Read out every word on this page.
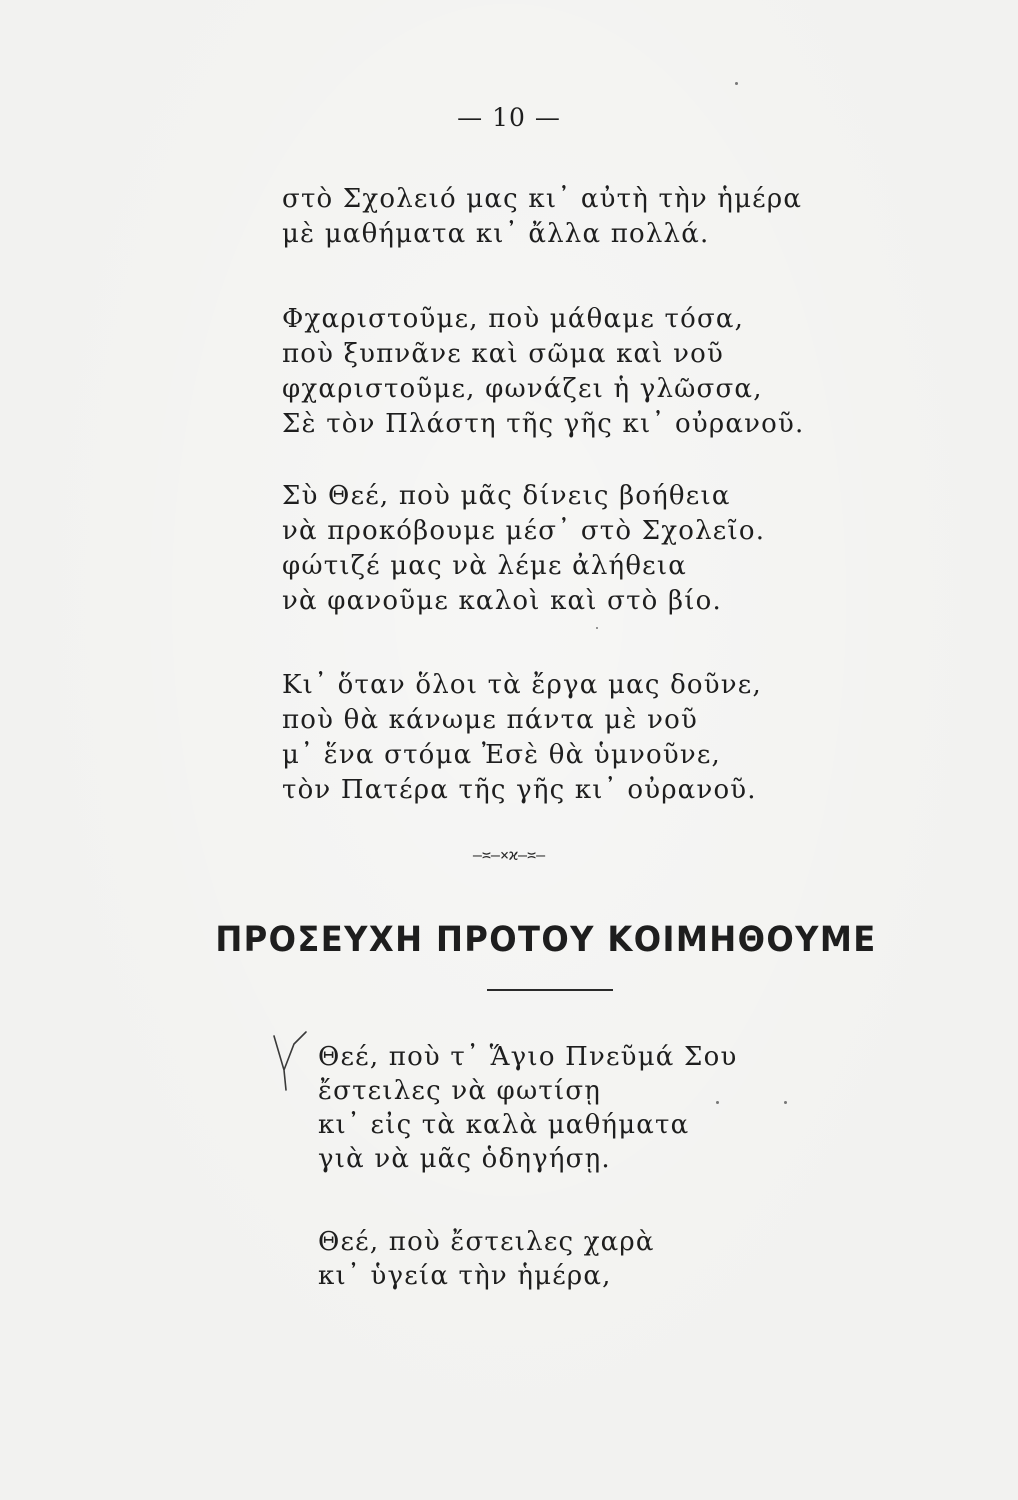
— 10 —
στὸ Σχολειό μας κι᾿ αὐτὴ τὴν ἡμέρα
μὲ μαθήματα κι᾿ ἄλλα πολλά.
Φχαριστοῦμε, ποὺ μάθαμε τόσα,
ποὺ ξυπνᾶνε καὶ σῶμα καὶ νοῦ
φχαριστοῦμε, φωνάζει ἡ γλῶσσα,
Σὲ τὸν Πλάστη τῆς γῆς κι᾿ οὐρανοῦ.
Σὺ Θεέ, ποὺ μᾶς δίνεις βοήθεια
νὰ προκόβουμε μέσ᾿ στὸ Σχολεῖο.
φώτιζέ μας νὰ λέμε ἀλήθεια
νὰ φανοῦμε καλοὶ καὶ στὸ βίο.
Κι᾿ ὅταν ὅλοι τὰ ἔργα μας δοῦνε,
ποὺ θὰ κάνωμε πάντα μὲ νοῦ
μ᾿ ἕνα στόμα Ἐσὲ θὰ ὑμνοῦνε,
τὸν Πατέρα τῆς γῆς κι᾿ οὐρανοῦ.
—≍—×ϰ—≍—
ΠΡΟΣΕΥΧΗ ΠΡΟΤΟΥ ΚΟΙΜΗΘΟΥΜΕ
Θεέ, ποὺ τ᾿ Ἅγιο Πνεῦμά Σου
ἔστειλες νὰ φωτίσῃ
κι᾿ εἰς τὰ καλὰ μαθήματα
γιὰ νὰ μᾶς ὁδηγήσῃ.
Θεέ, ποὺ ἔστειλες χαρὰ
κι᾿ ὑγεία τὴν ἡμέρα,
